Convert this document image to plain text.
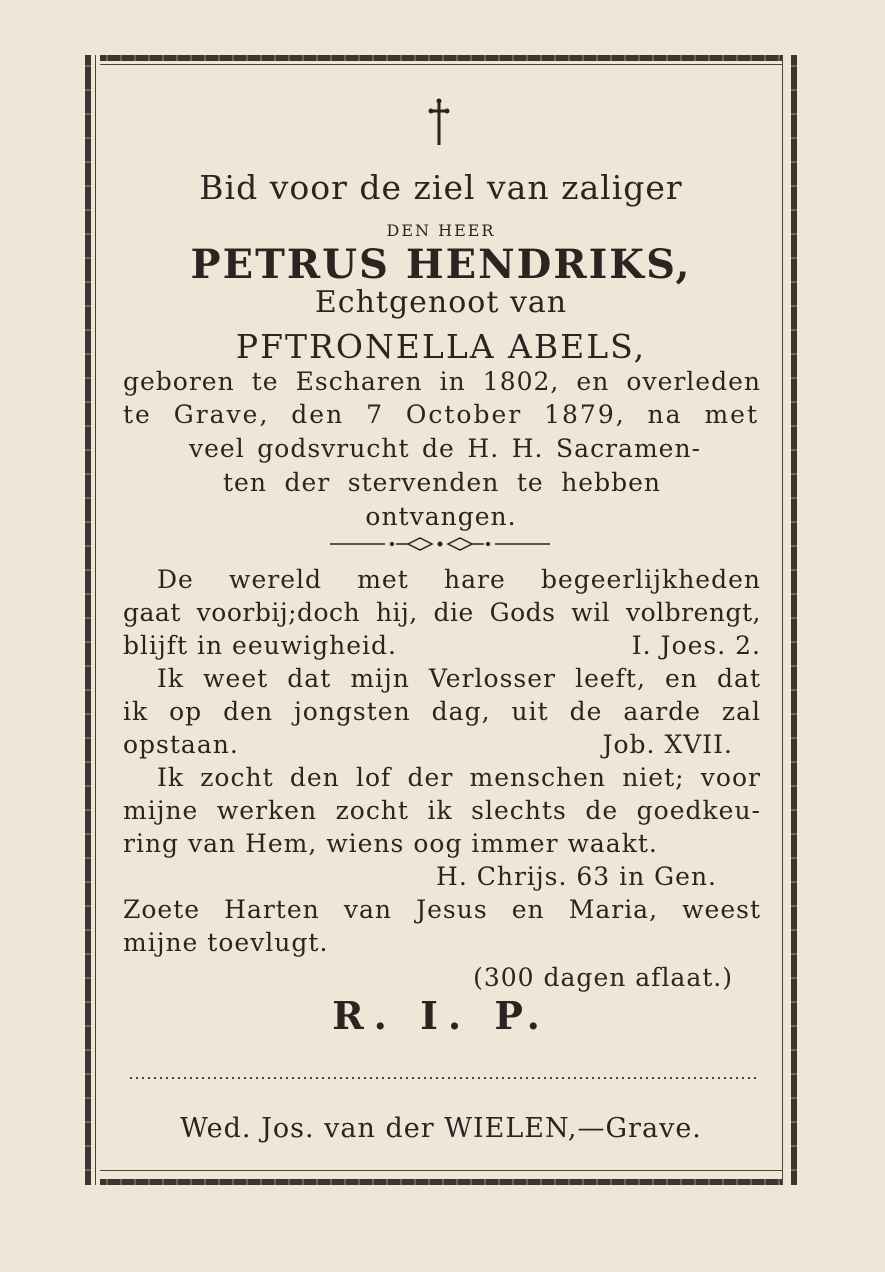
Bid voor de ziel van zaliger
DEN HEER
PETRUS HENDRIKS,
Echtgenoot van
PFTRONELLA ABELS,
geboren te Escharen in 1802, en overleden
te Grave, den 7 October 1879, na met
veel godsvrucht de H. H. Sacramen-
ten der stervenden te hebben
ontvangen.
De wereld met hare begeerlijkheden
gaat voorbij;doch hij, die Gods wil volbrengt,
blijft in eeuwigheid.	I. Joes. 2.
Ik weet dat mijn Verlosser leeft, en dat
ik op den jongsten dag, uit de aarde zal
opstaan.	Job. XVII.
Ik zocht den lof der menschen niet; voor
mijne werken zocht ik slechts de goedkeu-
ring van Hem, wiens oog immer waakt.
H. Chrijs. 63 in Gen.
Zoete Harten van Jesus en Maria, weest
mijne toevlugt.
(300 dagen aflaat.)
R. I. P.
Wed. Jos. van der WIELEN,—Grave.
